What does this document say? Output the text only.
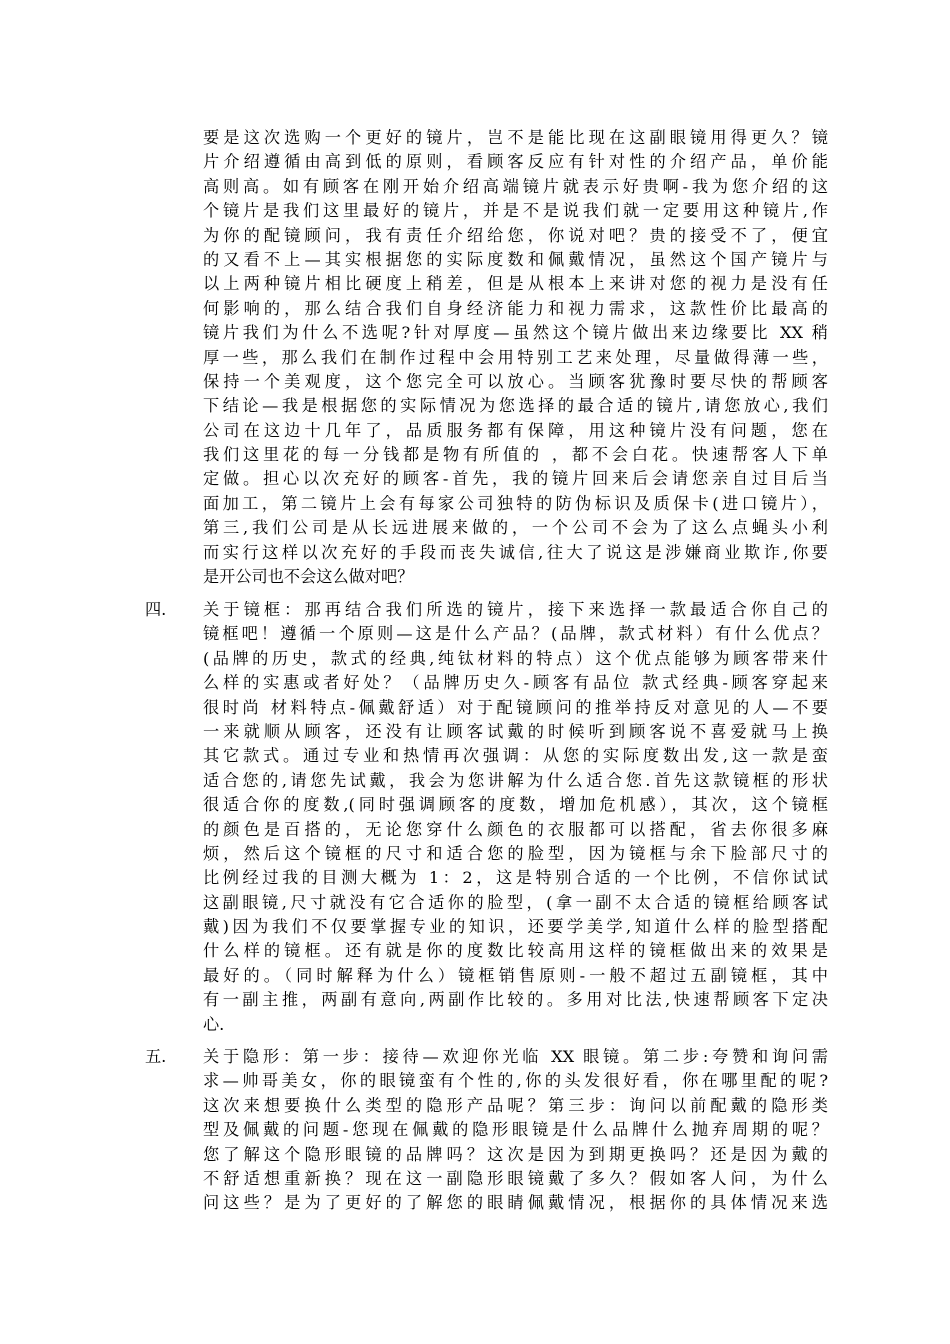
要是这次选购一个更好的镜片，岂不是能比现在这副眼镜用得更久？镜
片介绍遵循由高到低的原则，看顾客反应有针对性的介绍产品，单价能
高则高。如有顾客在刚开始介绍高端镜片就表示好贵啊-我为您介绍的这
个镜片是我们这里最好的镜片，并是不是说我们就一定要用这种镜片,作
为你的配镜顾问，我有责任介绍给您，你说对吧？贵的接受不了，便宜
的又看不上—其实根据您的实际度数和佩戴情况，虽然这个国产镜片与
以上两种镜片相比硬度上稍差，但是从根本上来讲对您的视力是没有任
何影响的，那么结合我们自身经济能力和视力需求，这款性价比最高的
镜片我们为什么不选呢?针对厚度—虽然这个镜片做出来边缘要比 XX 稍
厚一些，那么我们在制作过程中会用特别工艺来处理，尽量做得薄一些，
保持一个美观度，这个您完全可以放心。当顾客犹豫时要尽快的帮顾客
下结论—我是根据您的实际情况为您选择的最合适的镜片,请您放心,我们
公司在这边十几年了，品质服务都有保障，用这种镜片没有问题，您在
我们这里花的每一分钱都是物有所值的 ，都不会白花。快速帮客人下单
定做。担心以次充好的顾客-首先，我的镜片回来后会请您亲自过目后当
面加工，第二镜片上会有每家公司独特的防伪标识及质保卡(进口镜片），
第三,我们公司是从长远进展来做的，一个公司不会为了这么点蝇头小利
而实行这样以次充好的手段而丧失诚信,往大了说这是涉嫌商业欺诈,你要
是开公司也不会这么做对吧？
四.	关于镜框：那再结合我们所选的镜片，接下来选择一款最适合你自己的
镜框吧！遵循一个原则—这是什么产品？(品牌，款式材料）有什么优点？
(品牌的历史，款式的经典,纯钛材料的特点）这个优点能够为顾客带来什
么样的实惠或者好处？（品牌历史久-顾客有品位 款式经典-顾客穿起来
很时尚 材料特点-佩戴舒适）对于配镜顾问的推举持反对意见的人—不要
一来就顺从顾客，还没有让顾客试戴的时候听到顾客说不喜爱就马上换
其它款式。通过专业和热情再次强调：从您的实际度数出发,这一款是蛮
适合您的,请您先试戴，我会为您讲解为什么适合您.首先这款镜框的形状
很适合你的度数,(同时强调顾客的度数，增加危机感），其次，这个镜框
的颜色是百搭的，无论您穿什么颜色的衣服都可以搭配，省去你很多麻
烦，然后这个镜框的尺寸和适合您的脸型，因为镜框与余下脸部尺寸的
比例经过我的目测大概为 1：2，这是特别合适的一个比例，不信你试试
这副眼镜,尺寸就没有它合适你的脸型，(拿一副不太合适的镜框给顾客试
戴)因为我们不仅要掌握专业的知识，还要学美学,知道什么样的脸型搭配
什么样的镜框。还有就是你的度数比较高用这样的镜框做出来的效果是
最好的。（同时解释为什么）镜框销售原则-一般不超过五副镜框，其中
有一副主推，两副有意向,两副作比较的。多用对比法,快速帮顾客下定决
心.
五.	关于隐形：第一步：接待—欢迎你光临 XX 眼镜。第二步:夸赞和询问需
求—帅哥美女，你的眼镜蛮有个性的,你的头发很好看，你在哪里配的呢?
这次来想要换什么类型的隐形产品呢？第三步：询问以前配戴的隐形类
型及佩戴的问题-您现在佩戴的隐形眼镜是什么品牌什么抛弃周期的呢？
您了解这个隐形眼镜的品牌吗？这次是因为到期更换吗？还是因为戴的
不舒适想重新换？现在这一副隐形眼镜戴了多久？假如客人问，为什么
问这些？是为了更好的了解您的眼睛佩戴情况，根据你的具体情况来选
